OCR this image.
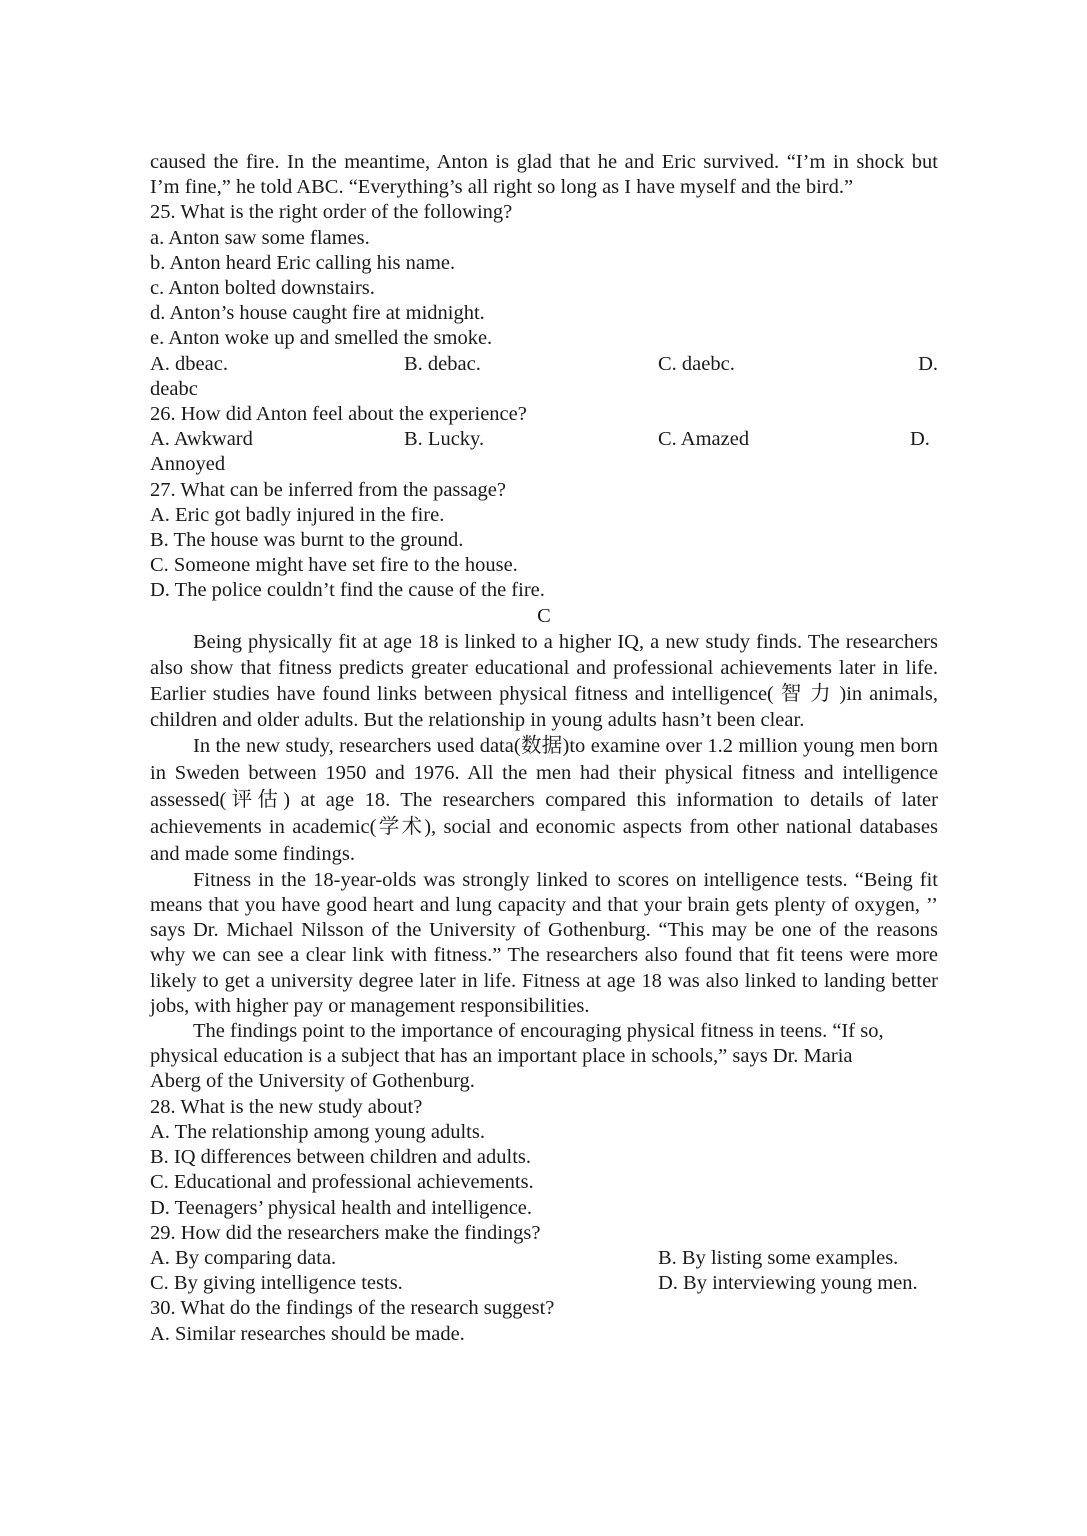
caused the fire. In the meantime, Anton is glad that he and Eric survived. “I’m in shock but
I’m fine,” he told ABC. “Everything’s all right so long as I have myself and the bird.”
25. What is the right order of the following?
a. Anton saw some flames.
b. Anton heard Eric calling his name.
c. Anton bolted downstairs.
d. Anton’s house caught fire at midnight.
e. Anton woke up and smelled the smoke.
A. dbeac.	B. debac.	C. daebc.	D.
deabc
26. How did Anton feel about the experience?
A. Awkward	B. Lucky.	C. Amazed	D.
Annoyed
27. What can be inferred from the passage?
A. Eric got badly injured in the fire.
B. The house was burnt to the ground.
C. Someone might have set fire to the house.
D. The police couldn’t find the cause of the fire.
C
Being physically fit at age 18 is linked to a higher IQ, a new study finds. The researchers also show that fitness predicts greater educational and professional achievements later in life. Earlier studies have found links between physical fitness and intelligence( 智 力 )in animals, children and older adults. But the relationship in young adults hasn’t been clear.
In the new study, researchers used data(数据)to examine over 1.2 million young men born in Sweden between 1950 and 1976. All the men had their physical fitness and intelligence assessed(评估) at age 18. The researchers compared this information to details of later achievements in academic(学术), social and economic aspects from other national databases and made some findings.
Fitness in the 18-year-olds was strongly linked to scores on intelligence tests. “Being fit means that you have good heart and lung capacity and that your brain gets plenty of oxygen, ’’ says Dr. Michael Nilsson of the University of Gothenburg. “This may be one of the reasons why we can see a clear link with fitness.” The researchers also found that fit teens were more likely to get a university degree later in life. Fitness at age 18 was also linked to landing better jobs, with higher pay or management responsibilities.
The findings point to the importance of encouraging physical fitness in teens. “If so,
physical education is a subject that has an important place in schools,” says Dr. Maria
Aberg of the University of Gothenburg.
28. What is the new study about?
A. The relationship among young adults.
B. IQ differences between children and adults.
C. Educational and professional achievements.
D. Teenagers’ physical health and intelligence.
29. How did the researchers make the findings?
A. By comparing data.	B. By listing some examples.
C. By giving intelligence tests.	D. By interviewing young men.
30. What do the findings of the research suggest?
A. Similar researches should be made.
